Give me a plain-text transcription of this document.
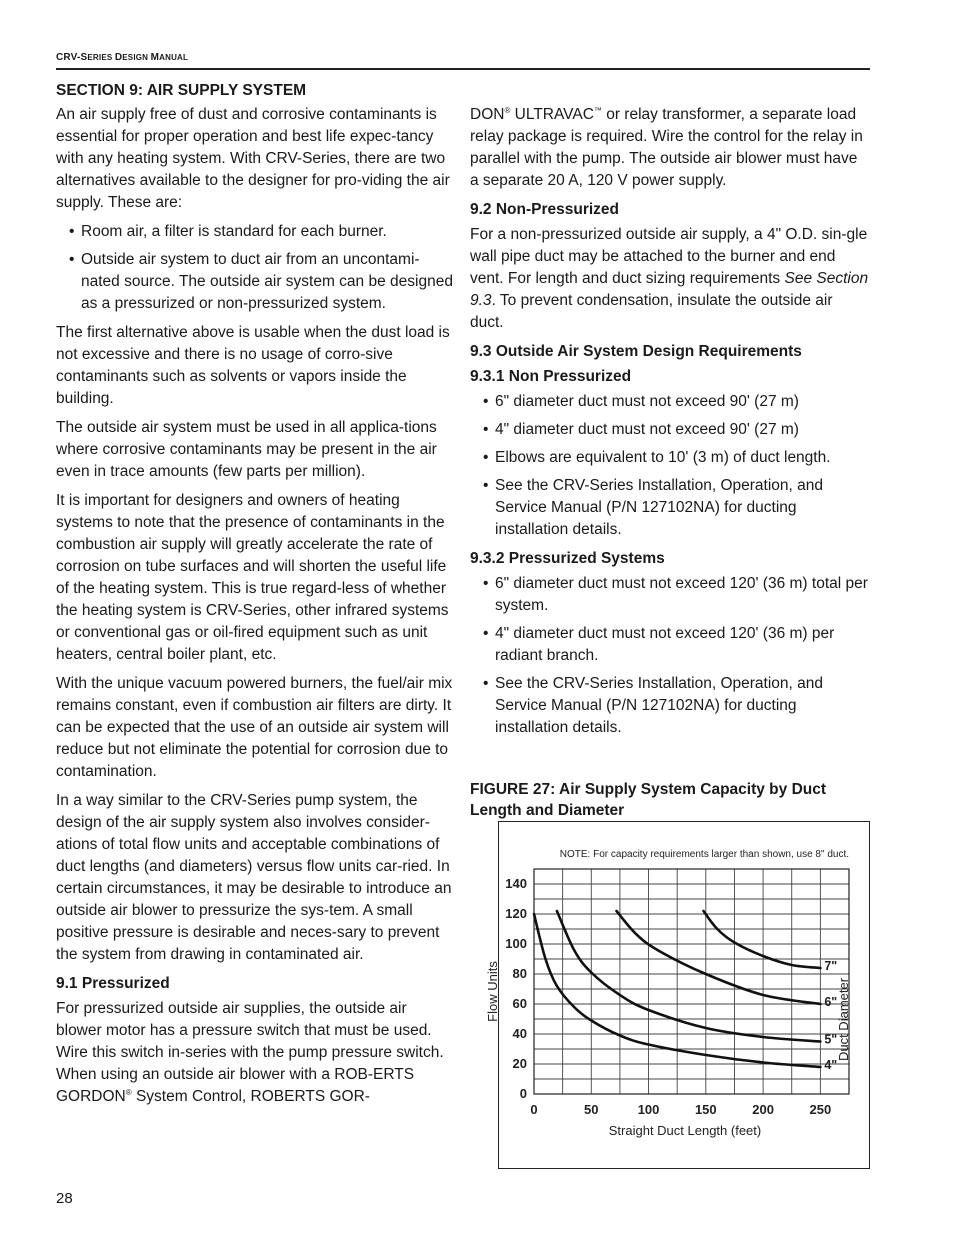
CRV-SERIES DESIGN MANUAL
SECTION 9: AIR SUPPLY SYSTEM

An air supply free of dust and corrosive contaminants is essential for proper operation and best life expec-tancy with any heating system. With CRV-Series, there are two alternatives available to the designer for pro-viding the air supply. These are:

• Room air, a filter is standard for each burner.
• Outside air system to duct air from an uncontami-nated source. The outside air system can be designed as a pressurized or non-pressurized system.

The first alternative above is usable when the dust load is not excessive and there is no usage of corro-sive contaminants such as solvents or vapors inside the building.

The outside air system must be used in all applica-tions where corrosive contaminants may be present in the air even in trace amounts (few parts per million).

It is important for designers and owners of heating systems to note that the presence of contaminants in the combustion air supply will greatly accelerate the rate of corrosion on tube surfaces and will shorten the useful life of the heating system. This is true regard-less of whether the heating system is CRV-Series, other infrared systems or conventional gas or oil-fired equipment such as unit heaters, central boiler plant, etc.

With the unique vacuum powered burners, the fuel/air mix remains constant, even if combustion air filters are dirty. It can be expected that the use of an outside air system will reduce but not eliminate the potential for corrosion due to contamination.

In a way similar to the CRV-Series pump system, the design of the air supply system also involves consider-ations of total flow units and acceptable combinations of duct lengths (and diameters) versus flow units car-ried. In certain circumstances, it may be desirable to introduce an outside air blower to pressurize the sys-tem. A small positive pressure is desirable and neces-sary to prevent the system from drawing in contaminated air.

9.1 Pressurized

For pressurized outside air supplies, the outside air blower motor has a pressure switch that must be used. Wire this switch in-series with the pump pressure switch. When using an outside air blower with a ROB-ERTS GORDON® System Control, ROBERTS GOR-

DON® ULTRAVAC™ or relay transformer, a separate load relay package is required. Wire the control for the relay in parallel with the pump. The outside air blower must have a separate 20 A, 120 V power supply.

9.2 Non-Pressurized

For a non-pressurized outside air supply, a 4" O.D. sin-gle wall pipe duct may be attached to the burner and end vent. For length and duct sizing requirements See Section 9.3. To prevent condensation, insulate the outside air duct.

9.3 Outside Air System Design Requirements
9.3.1 Non Pressurized
• 6" diameter duct must not exceed 90' (27 m)
• 4" diameter duct must not exceed 90' (27 m)
• Elbows are equivalent to 10' (3 m) of duct length.
• See the CRV-Series Installation, Operation, and Service Manual (P/N 127102NA) for ducting installation details.
9.3.2 Pressurized Systems
• 6" diameter duct must not exceed 120' (36 m) total per system.
• 4" diameter duct must not exceed 120' (36 m) per radiant branch.
• See the CRV-Series Installation, Operation, and Service Manual (P/N 127102NA) for ducting installation details.
FIGURE 27: Air Supply System Capacity by Duct Length and Diameter
NOTE: For capacity requirements larger than shown, use 8" duct.
0
20
40
60
80
100
120
140
0	50	100	150	200	250
4"
5"
6"
7"
Straight Duct Length (feet)
Flow Units	Duct Diameter
28
